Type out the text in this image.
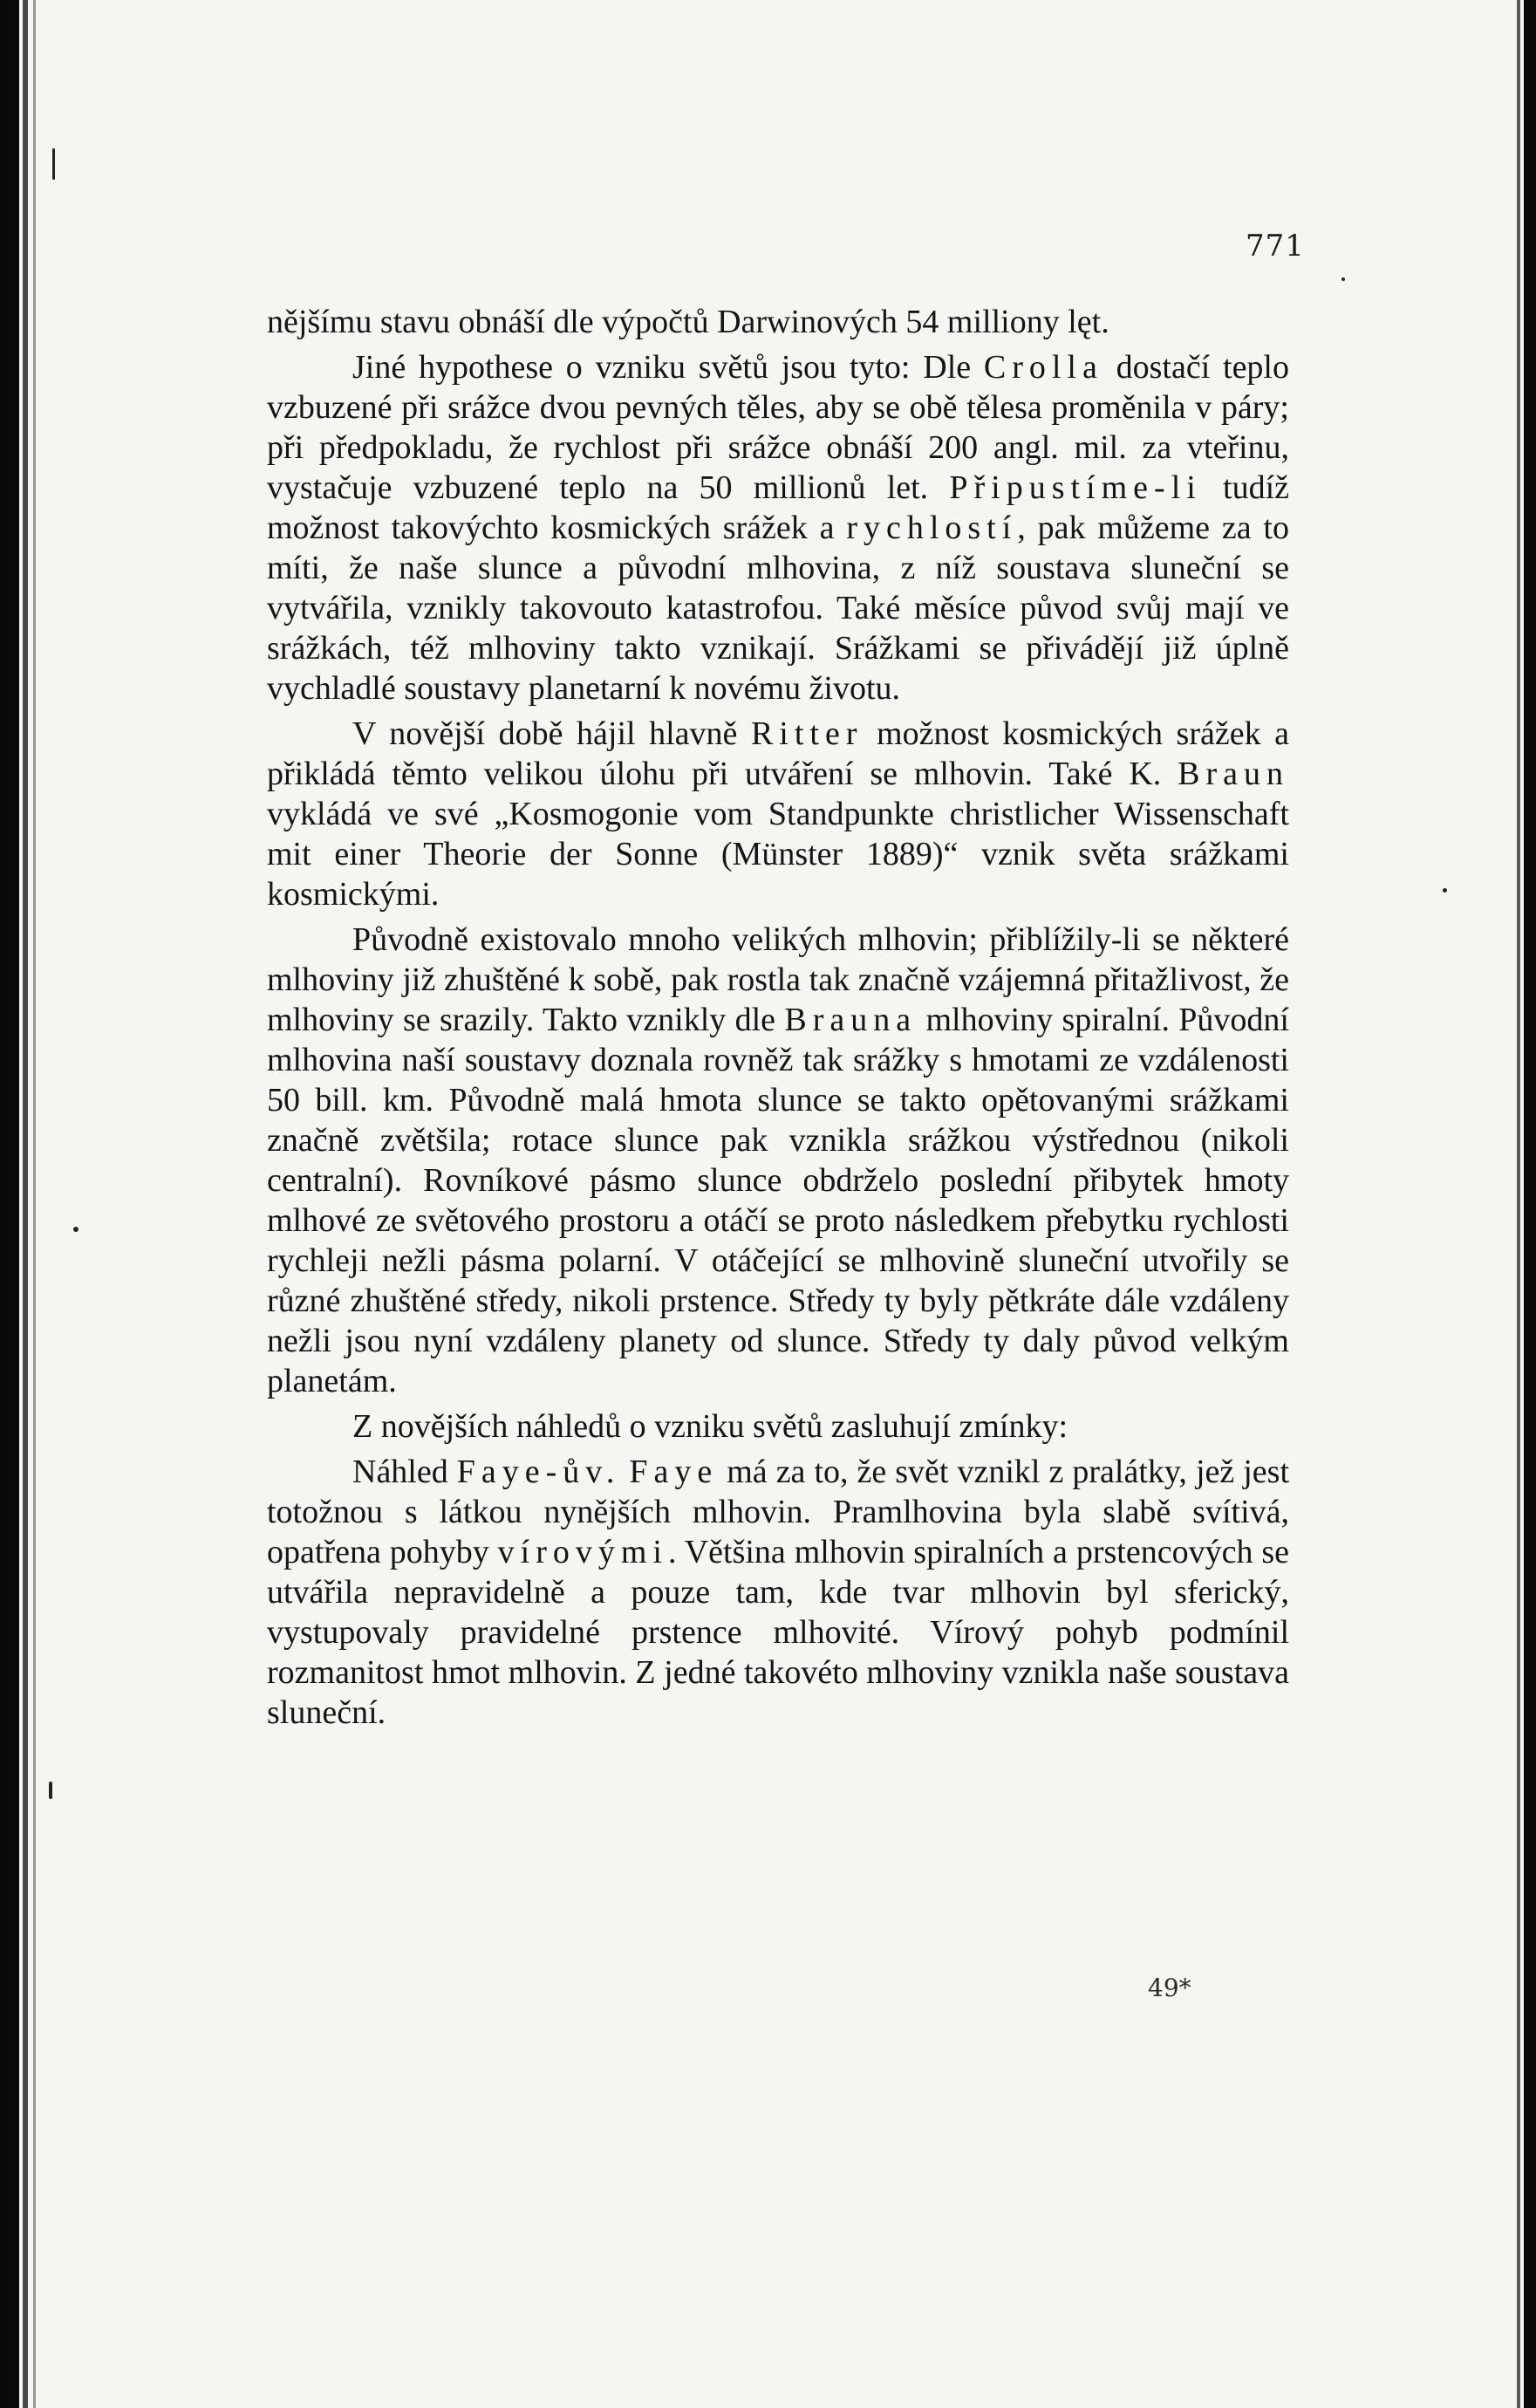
771

nějšímu stavu obnáší dle výpočtů Darwinových 54 milliony lęt.

Jiné hypothese o vzniku světů jsou tyto: Dle Crolla dostačí teplo vzbuzené při srážce dvou pevných těles, aby se obě tělesa proměnila v páry; při předpokladu, že rychlost při srážce obnáší 200 angl. mil. za vteřinu, vystačuje vzbuzené teplo na 50 millionů let. Připustíme-li tudíž možnost takovýchto kosmických srážek a rychlostí, pak můžeme za to míti, že naše slunce a původní mlhovina, z níž soustava sluneční se vytvářila, vznikly takovouto katastrofou. Také měsíce původ svůj mají ve srážkách, též mlhoviny takto vznikají. Srážkami se přivádějí již úplně vychladlé soustavy planetarní k novému životu.

V novější době hájil hlavně Ritter možnost kosmických srážek a přikládá těmto velikou úlohu při utváření se mlhovin. Také K. Braun vykládá ve své „Kosmogonie vom Standpunkte christlicher Wissenschaft mit einer Theorie der Sonne (Münster 1889)“ vznik světa srážkami kosmickými.

Původně existovalo mnoho velikých mlhovin; přiblížily-li se některé mlhoviny již zhuštěné k sobě, pak rostla tak značně vzájemná přitažlivost, že mlhoviny se srazily. Takto vznikly dle Brauna mlhoviny spiralní. Původní mlhovina naší soustavy doznala rovněž tak srážky s hmotami ze vzdálenosti 50 bill. km. Původně malá hmota slunce se takto opětovanými srážkami značně zvětšila; rotace slunce pak vznikla srážkou výstřednou (nikoli centralní). Rovníkové pásmo slunce obdrželo poslední přibytek hmoty mlhové ze světového prostoru a otáčí se proto následkem přebytku rychlosti rychleji nežli pásma polarní. V otáčející se mlhovině sluneční utvořily se různé zhuštěné středy, nikoli prstence. Středy ty byly pětkráte dále vzdáleny nežli jsou nyní vzdáleny planety od slunce. Středy ty daly původ velkým planetám.

Z novějších náhledů o vzniku světů zasluhují zmínky:

Náhled Faye-ův. Faye má za to, že svět vznikl z pralátky, jež jest totožnou s látkou nynějších mlhovin. Pramlhovina byla slabě svítivá, opatřena pohyby vírovými. Většina mlhovin spiralních a prstencových se utvářila nepravidelně a pouze tam, kde tvar mlhovin byl sferický, vystupovaly pravidelné prstence mlhovité. Vírový pohyb podmínil rozmanitost hmot mlhovin. Z jedné takovéto mlhoviny vznikla naše soustava sluneční.

49*
